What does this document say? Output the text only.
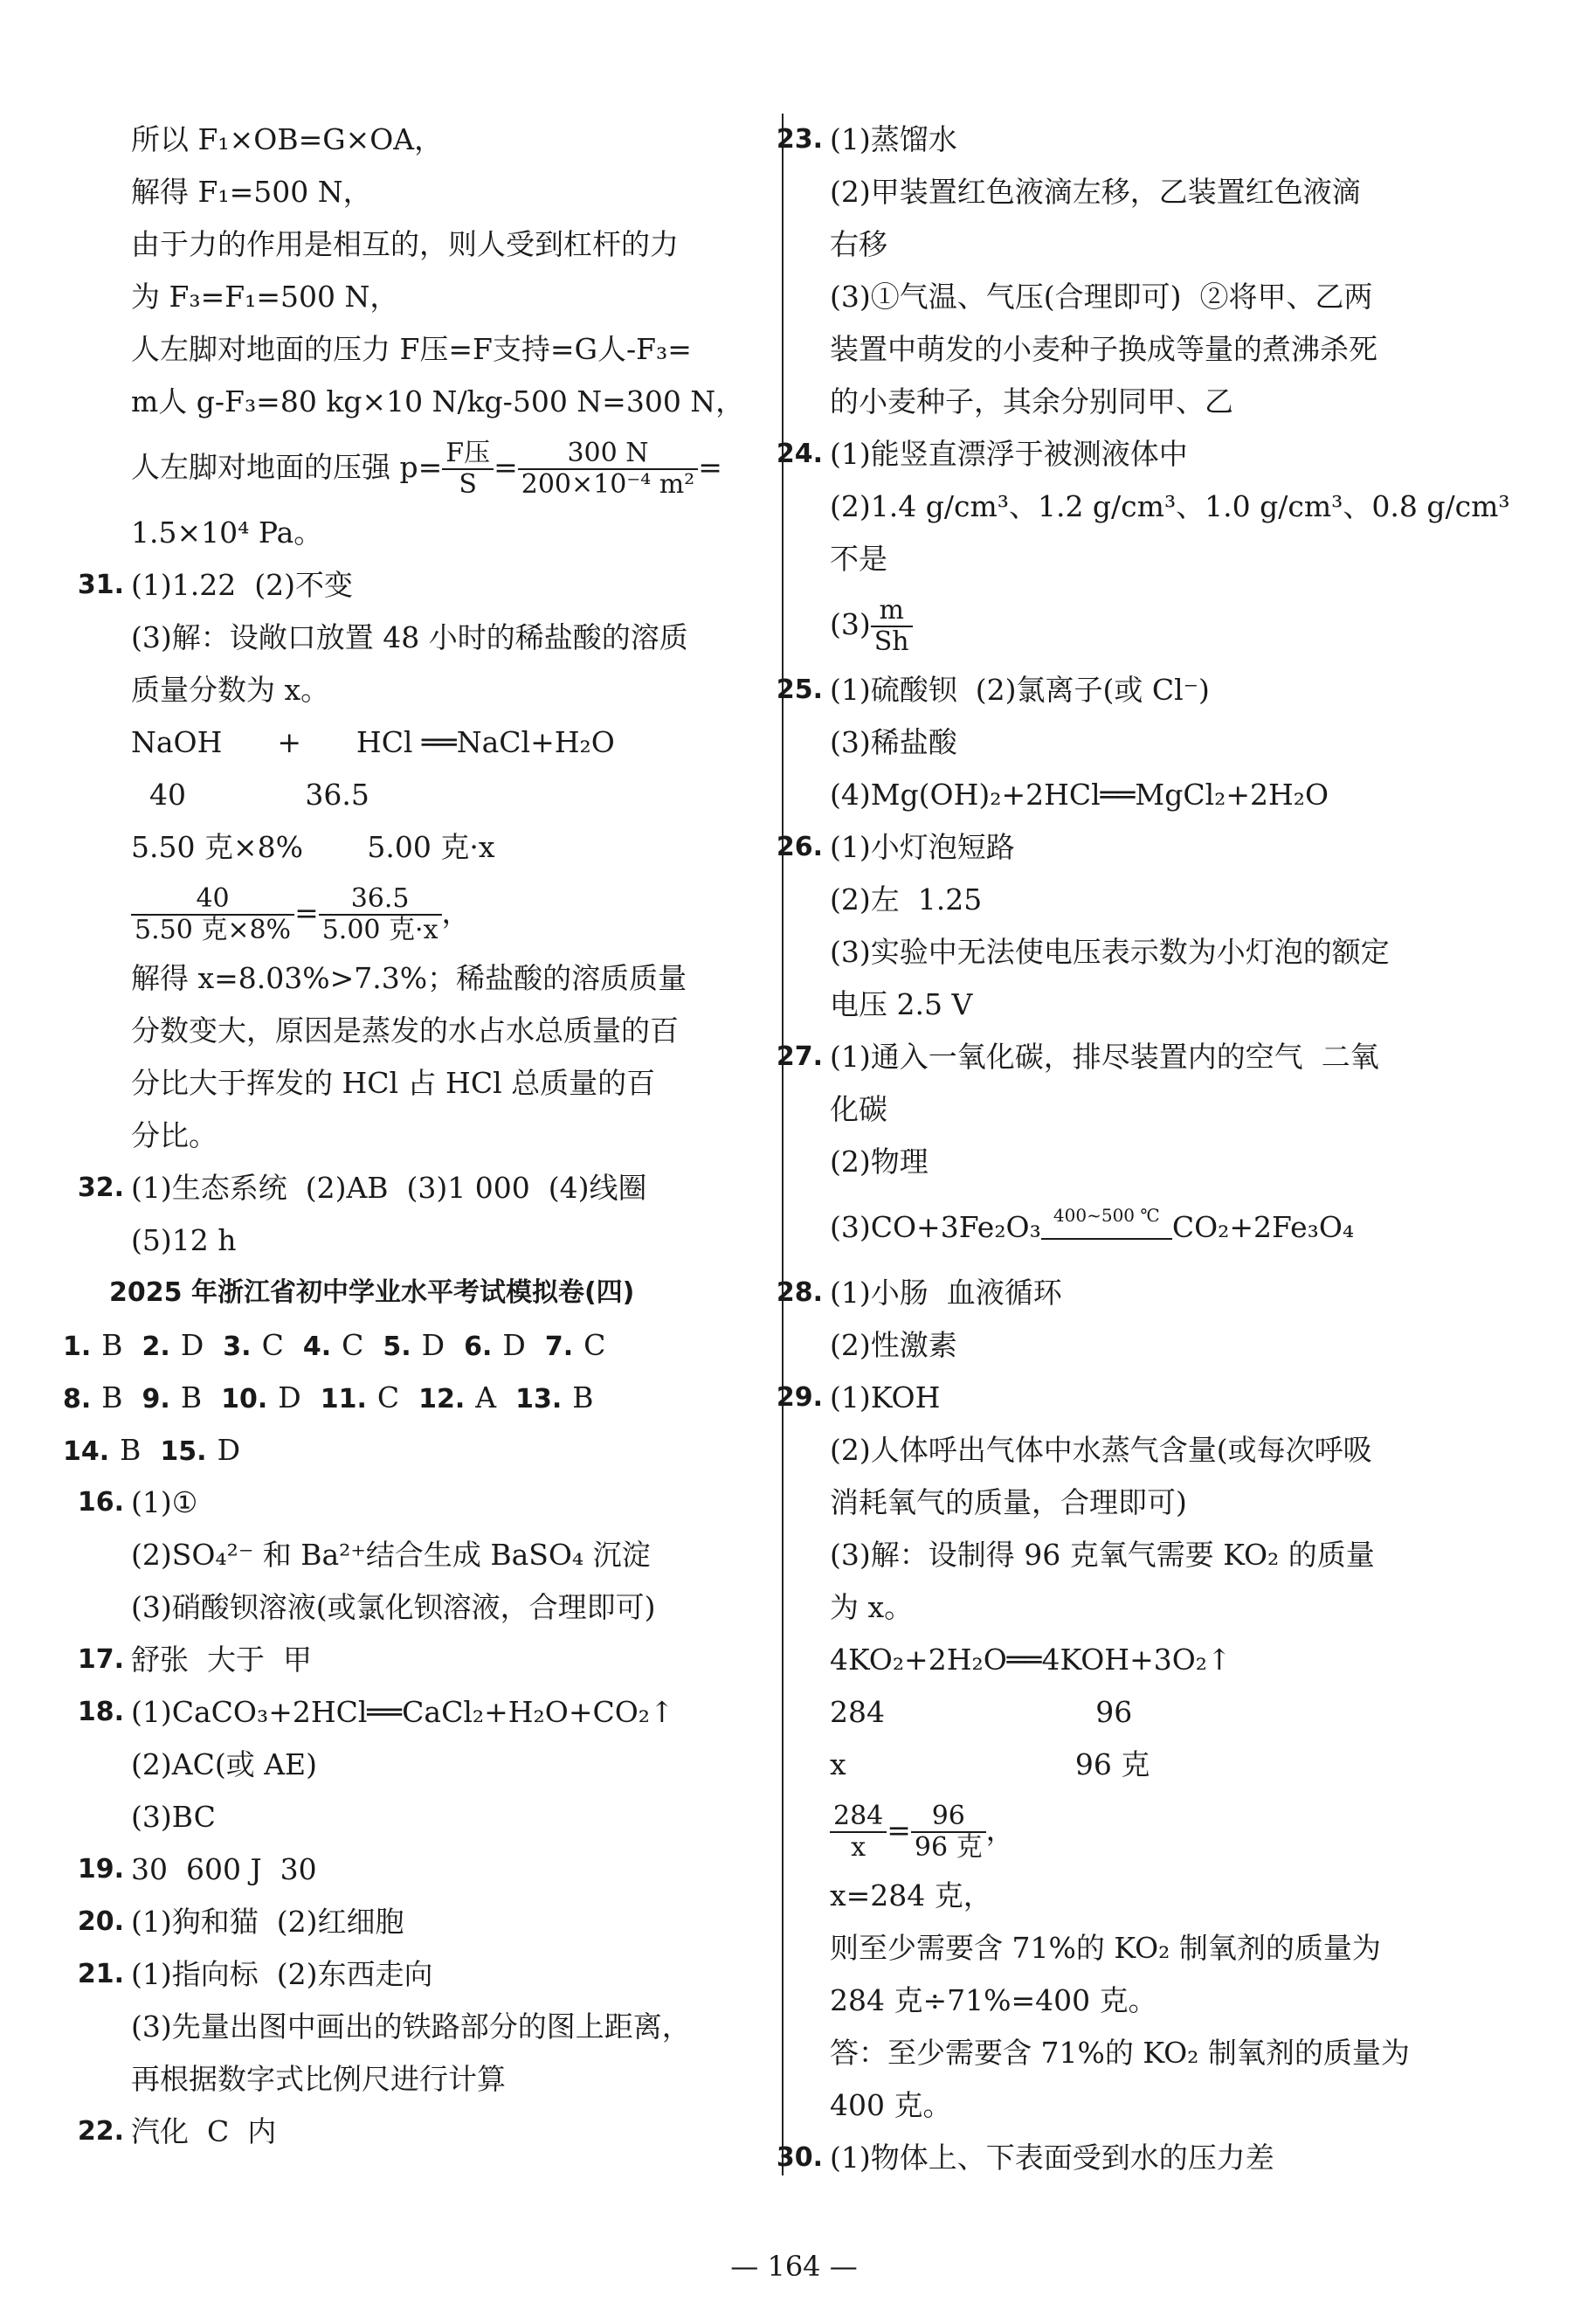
所以 F₁×OB=G×OA，
解得 F₁=500 N，
由于力的作用是相互的，则人受到杠杆的力
为 F₃=F₁=500 N，
人左脚对地面的压力 F压=F支持=G人-F₃=
m人 g-F₃=80 kg×10 N/kg-500 N=300 N，
人左脚对地面的压强 $p= \frac{\text{F压}}{S} = \frac{300 N}{\text{200×10⁻⁴ m²}}$ =
1.5×10⁴ Pa。
31. (1)1.22  (2)不变
(3)解：设敞口放置 48 小时的稀盐酸的溶质
质量分数为 x。
NaOH      +      HCl ══NaCl+H₂O
40             36.5
5.50 克×8%       5.00 克·x
$\frac{40}{\text{5.50 克×8\%}} = \frac{36.5}{\text{5.00 克·x}}$ ，
解得 x=8.03%>7.3%；稀盐酸的溶质质量
分数变大，原因是蒸发的水占水总质量的百
分比大于挥发的 HCl 占 HCl 总质量的百
分比。
32. (1)生态系统  (2)AB  (3)1 000  (4)线圈
(5)12 h
2025 年浙江省初中学业水平考试模拟卷(四)
1. B 2. D 3. C 4. C 5. D 6. D 7. C
8. B 9. B 10. D 11. C 12. A 13. B
14. B 15. D
16. (1)①
(2)SO₄²⁻ 和 Ba²⁺结合生成 BaSO₄ 沉淀
(3)硝酸钡溶液(或氯化钡溶液，合理即可)
17. 舒张  大于  甲
18. (1)CaCO₃+2HCl══CaCl₂+H₂O+CO₂↑
(2)AC(或 AE)
(3)BC
19. 30  600 J  30
20. (1)狗和猫  (2)红细胞
21. (1)指向标  (2)东西走向
(3)先量出图中画出的铁路部分的图上距离，
再根据数字式比例尺进行计算
22. 汽化  C  内
23. (1)蒸馏水
(2)甲装置红色液滴左移，乙装置红色液滴
右移
(3)①气温、气压(合理即可)  ②将甲、乙两
装置中萌发的小麦种子换成等量的煮沸杀死
的小麦种子，其余分别同甲、乙
24. (1)能竖直漂浮于被测液体中
(2)1.4 g/cm³、1.2 g/cm³、1.0 g/cm³、0.8 g/cm³
不是
$(3) \frac{m}{Sh}$
25. (1)硫酸钡  (2)氯离子(或 Cl⁻)
(3)稀盐酸
(4)Mg(OH)₂+2HCl══MgCl₂+2H₂O
26. (1)小灯泡短路
(2)左  1.25
(3)实验中无法使电压表示数为小灯泡的额定
电压 2.5 V
27. (1)通入一氧化碳，排尽装置内的空气  二氧
化碳
(2)物理
(3)CO+3Fe₂O₃ 400~500 ℃ CO₂+2Fe₃O₄
28. (1)小肠  血液循环
(2)性激素
29. (1)KOH
(2)人体呼出气体中水蒸气含量(或每次呼吸
消耗氧气的质量，合理即可)
(3)解：设制得 96 克氧气需要 KO₂ 的质量
为 x。
4KO₂+2H₂O══4KOH+3O₂↑
284                       96
x                         96 克
$\frac{284}{x} = \frac{96}{\text{96 克}}$ ，
x=284 克，
则至少需要含 71%的 KO₂ 制氧剂的质量为
284 克÷71%=400 克。
答：至少需要含 71%的 KO₂ 制氧剂的质量为
400 克。
30. (1)物体上、下表面受到水的压力差
— 164 —
